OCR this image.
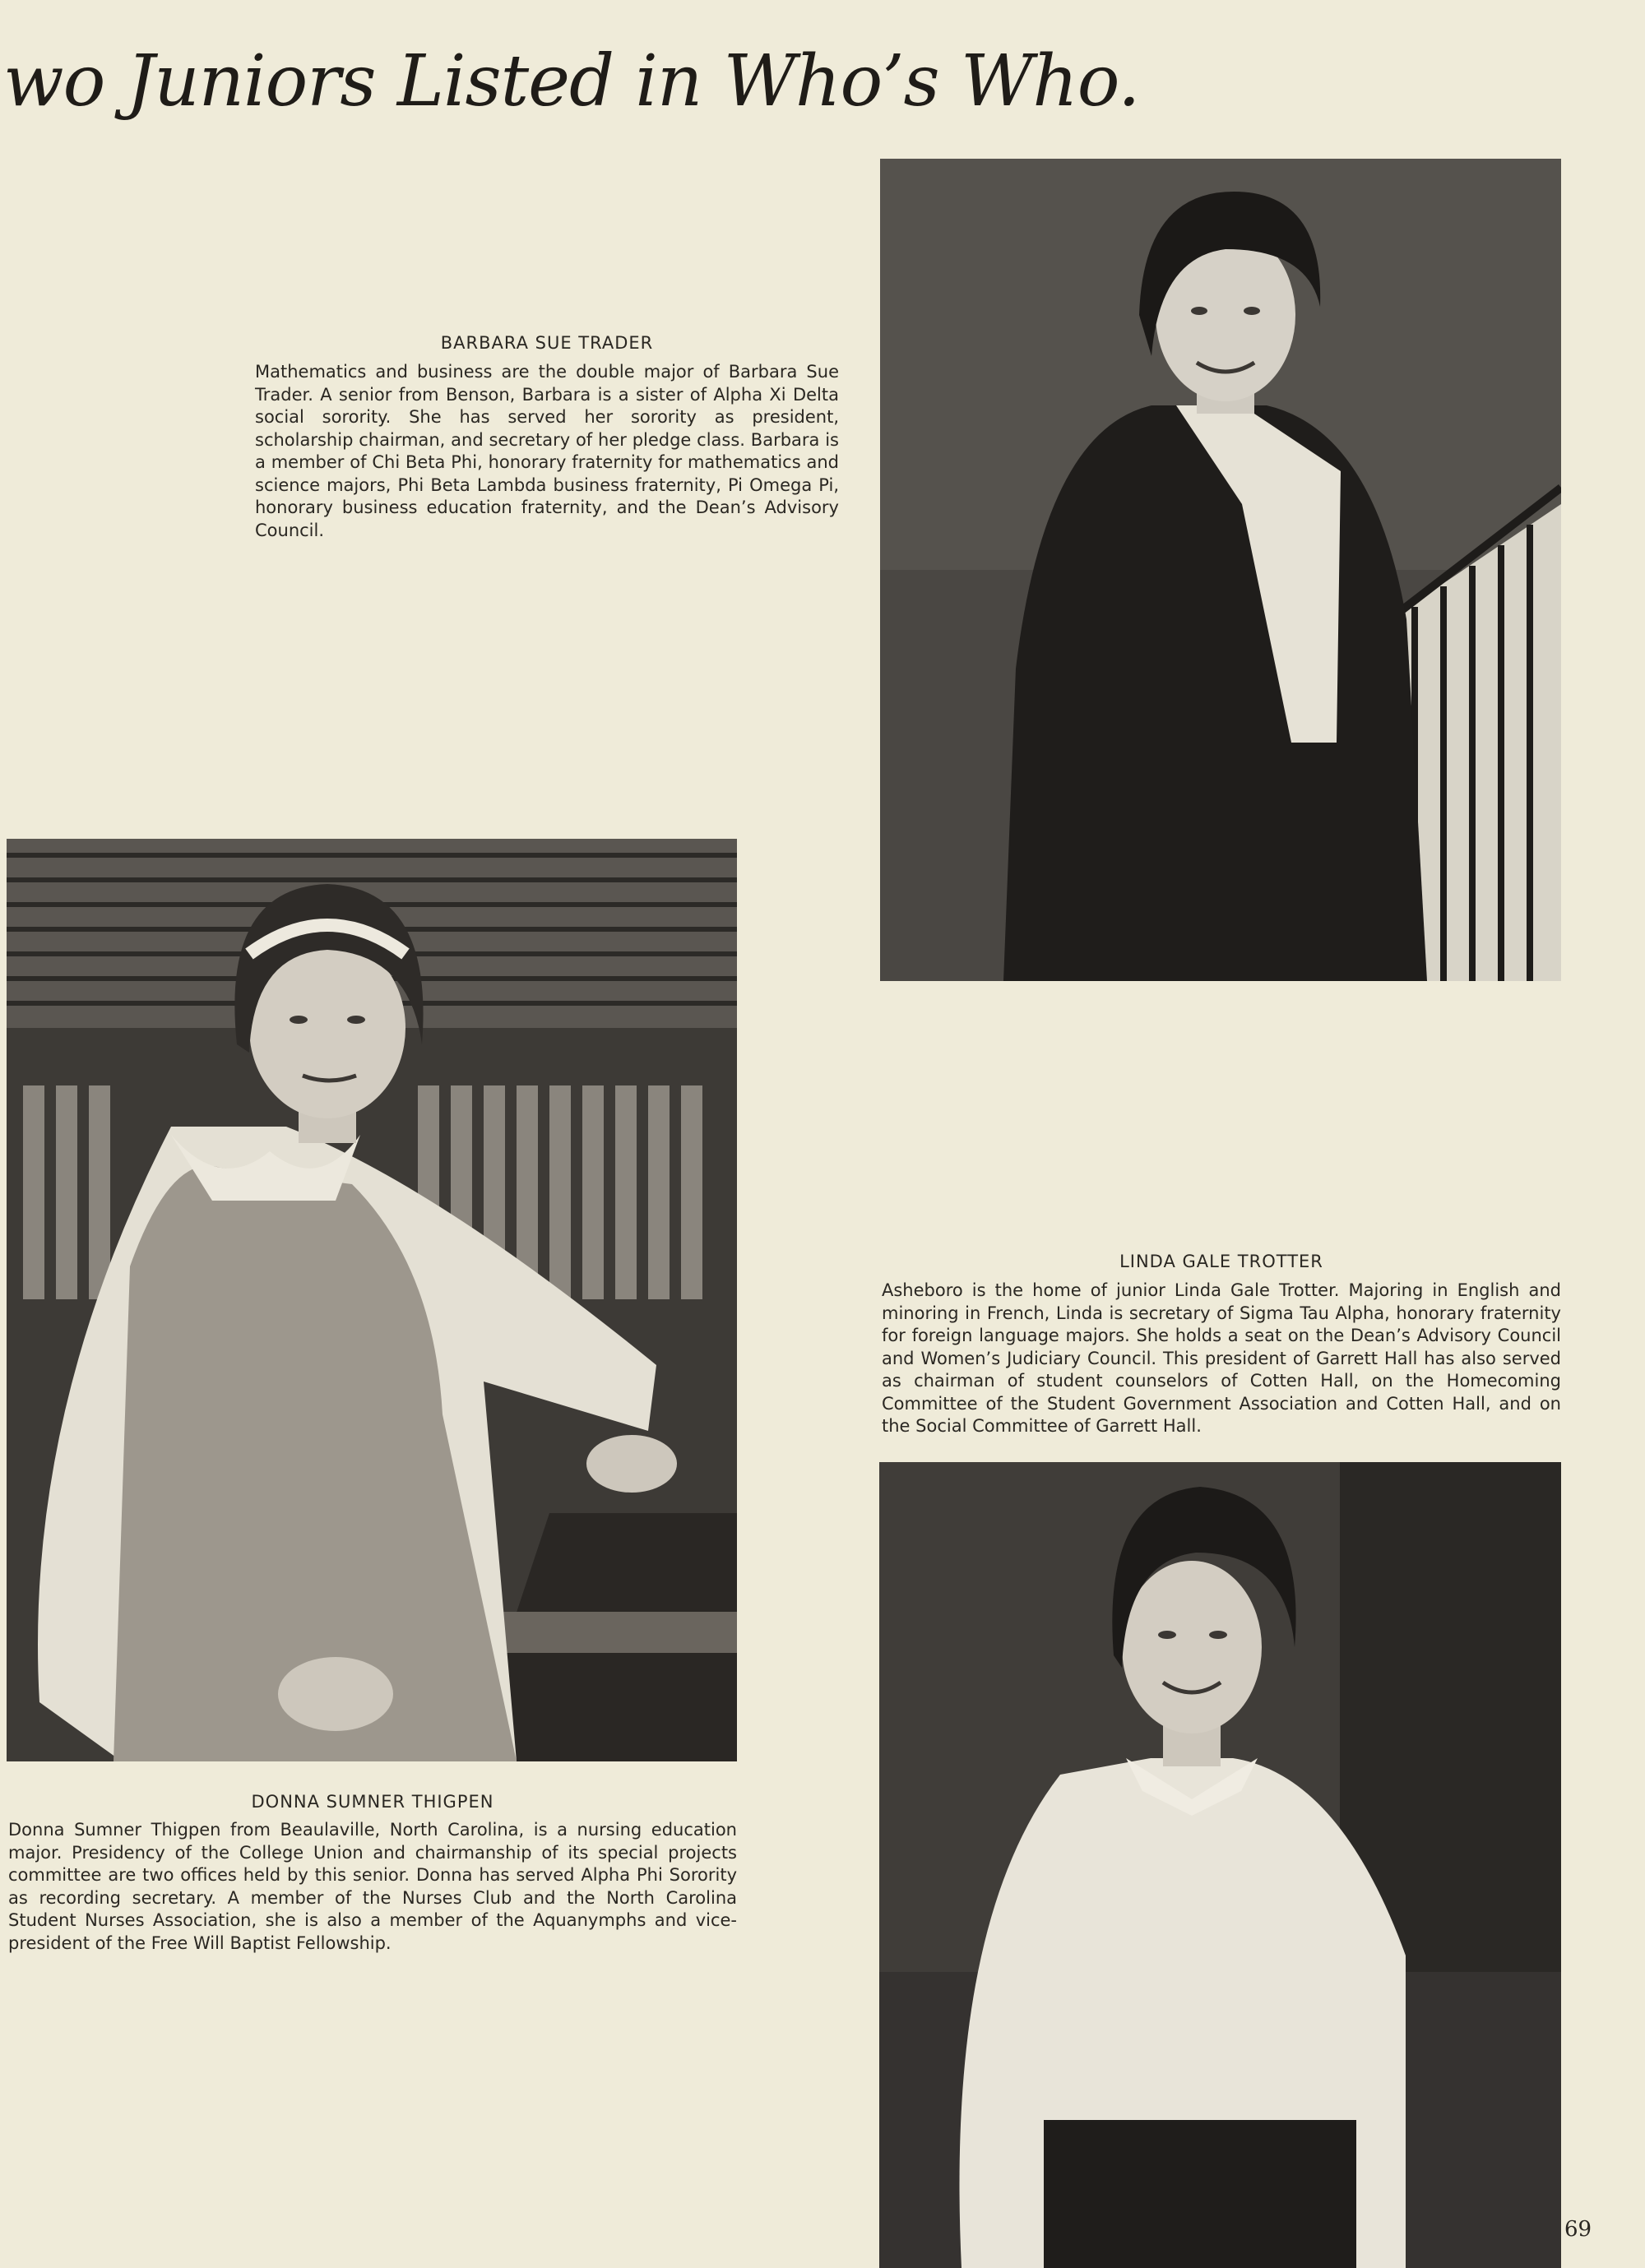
wo Juniors Listed in Who’s Who.
BARBARA SUE TRADER
Mathematics and business are the double major of Barbara Sue Trader. A senior from Benson, Barbara is a sister of Alpha Xi Delta social sorority. She has served her sorority as president, scholarship chairman, and secretary of her pledge class. Barbara is a member of Chi Beta Phi, honorary fraternity for mathematics and science majors, Phi Beta Lambda business fraternity, Pi Omega Pi, honorary business education fraternity, and the Dean’s Advisory Council.
LINDA GALE TROTTER
Asheboro is the home of junior Linda Gale Trotter. Majoring in English and minoring in French, Linda is secretary of Sigma Tau Alpha, honorary fraternity for foreign language majors. She holds a seat on the Dean’s Advisory Council and Women’s Judiciary Council. This president of Garrett Hall has also served as chairman of student counselors of Cotten Hall, on the Homecoming Committee of the Student Government Association and Cotten Hall, and on the Social Committee of Garrett Hall.
DONNA SUMNER THIGPEN
Donna Sumner Thigpen from Beaulaville, North Carolina, is a nursing education major. Presidency of the College Union and chairmanship of its special projects committee are two offices held by this senior. Donna has served Alpha Phi Sorority as recording secretary. A member of the Nurses Club and the North Carolina Student Nurses Association, she is also a member of the Aquanymphs and vice-president of the Free Will Baptist Fellowship.
69
